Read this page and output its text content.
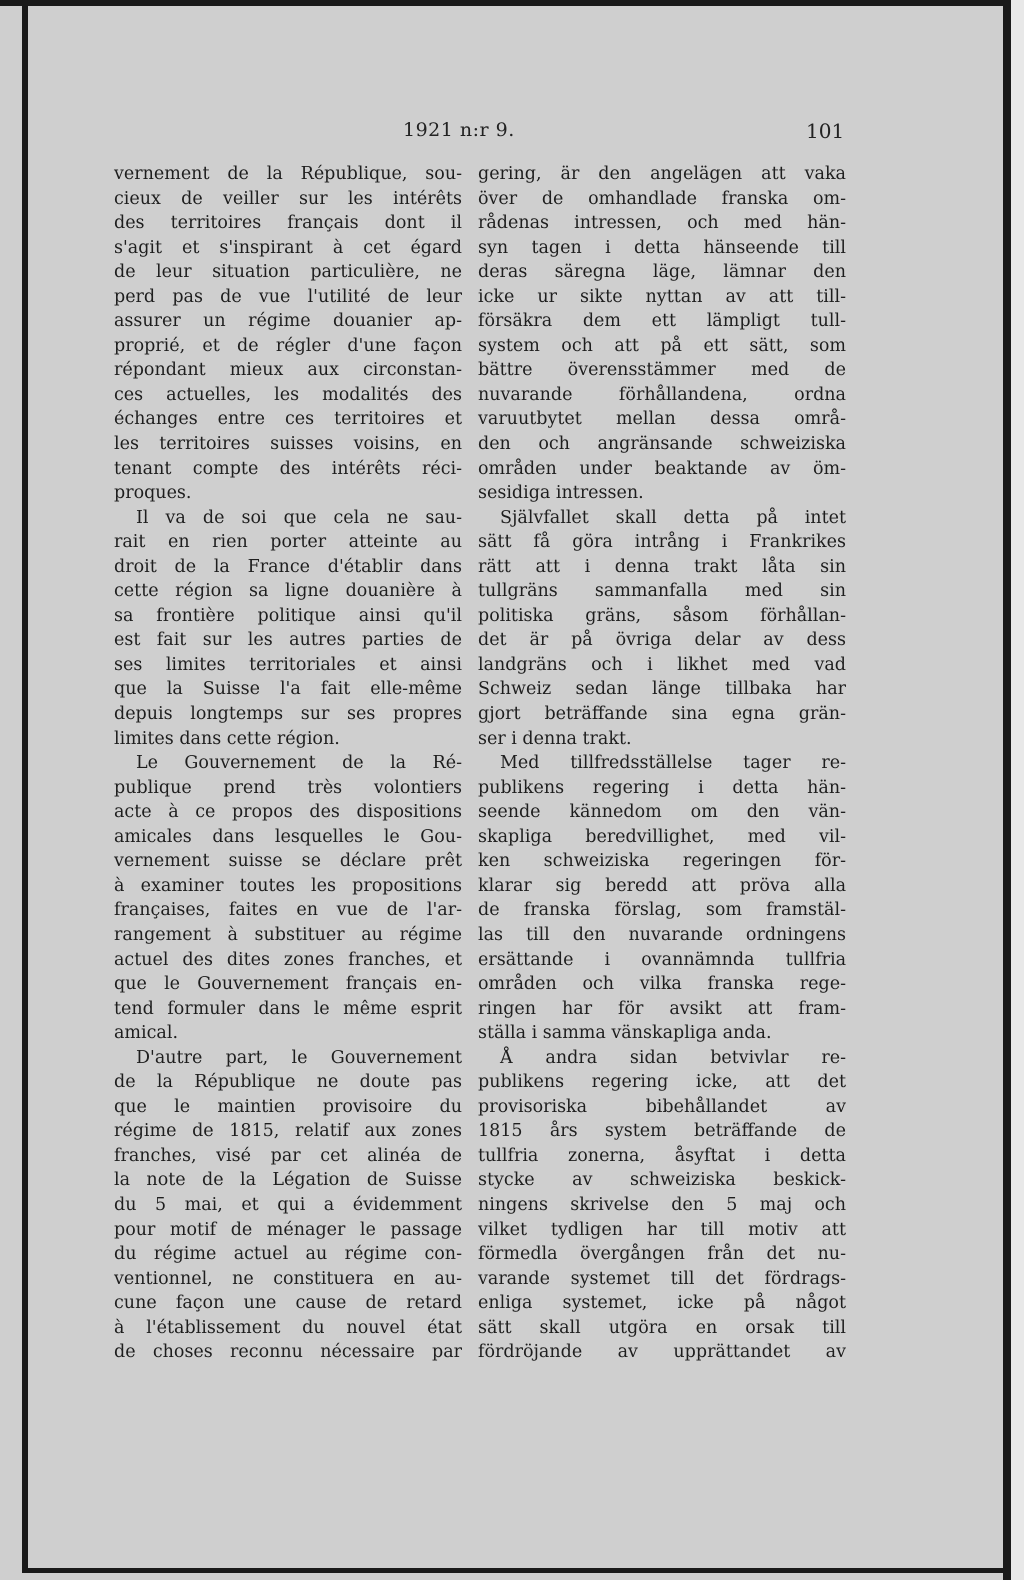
1921 n:r 9.	101
vernement de la République, sou-
cieux de veiller sur les intérêts
des territoires français dont il
s'agit et s'inspirant à cet égard
de leur situation particulière, ne
perd pas de vue l'utilité de leur
assurer un régime douanier ap-
proprié, et de régler d'une façon
répondant mieux aux circonstan-
ces actuelles, les modalités des
échanges entre ces territoires et
les territoires suisses voisins, en
tenant compte des intérêts réci-
proques.
Il va de soi que cela ne sau-
rait en rien porter atteinte au
droit de la France d'établir dans
cette région sa ligne douanière à
sa frontière politique ainsi qu'il
est fait sur les autres parties de
ses limites territoriales et ainsi
que la Suisse l'a fait elle-même
depuis longtemps sur ses propres
limites dans cette région.
Le Gouvernement de la Ré-
publique prend très volontiers
acte à ce propos des dispositions
amicales dans lesquelles le Gou-
vernement suisse se déclare prêt
à examiner toutes les propositions
françaises, faites en vue de l'ar-
rangement à substituer au régime
actuel des dites zones franches, et
que le Gouvernement français en-
tend formuler dans le même esprit
amical.
D'autre part, le Gouvernement
de la République ne doute pas
que le maintien provisoire du
régime de 1815, relatif aux zones
franches, visé par cet alinéa de
la note de la Légation de Suisse
du 5 mai, et qui a évidemment
pour motif de ménager le passage
du régime actuel au régime con-
ventionnel, ne constituera en au-
cune façon une cause de retard
à l'établissement du nouvel état
de choses reconnu nécessaire par
gering, är den angelägen att vaka
över de omhandlade franska om-
rådenas intressen, och med hän-
syn tagen i detta hänseende till
deras säregna läge, lämnar den
icke ur sikte nyttan av att till-
försäkra dem ett lämpligt tull-
system och att på ett sätt, som
bättre överensstämmer med de
nuvarande förhållandena, ordna
varuutbytet mellan dessa områ-
den och angränsande schweiziska
områden under beaktande av öm-
sesidiga intressen.
Självfallet skall detta på intet
sätt få göra intrång i Frankrikes
rätt att i denna trakt låta sin
tullgräns sammanfalla med sin
politiska gräns, såsom förhållan-
det är på övriga delar av dess
landgräns och i likhet med vad
Schweiz sedan länge tillbaka har
gjort beträffande sina egna grän-
ser i denna trakt.
Med tillfredsställelse tager re-
publikens regering i detta hän-
seende kännedom om den vän-
skapliga beredvillighet, med vil-
ken schweiziska regeringen för-
klarar sig beredd att pröva alla
de franska förslag, som framstäl-
las till den nuvarande ordningens
ersättande i ovannämnda tullfria
områden och vilka franska rege-
ringen har för avsikt att fram-
ställa i samma vänskapliga anda.
Å andra sidan betvivlar re-
publikens regering icke, att det
provisoriska bibehållandet av
1815 års system beträffande de
tullfria zonerna, åsyftat i detta
stycke av schweiziska beskick-
ningens skrivelse den 5 maj och
vilket tydligen har till motiv att
förmedla övergången från det nu-
varande systemet till det fördrags-
enliga systemet, icke på något
sätt skall utgöra en orsak till
fördröjande av upprättandet av
